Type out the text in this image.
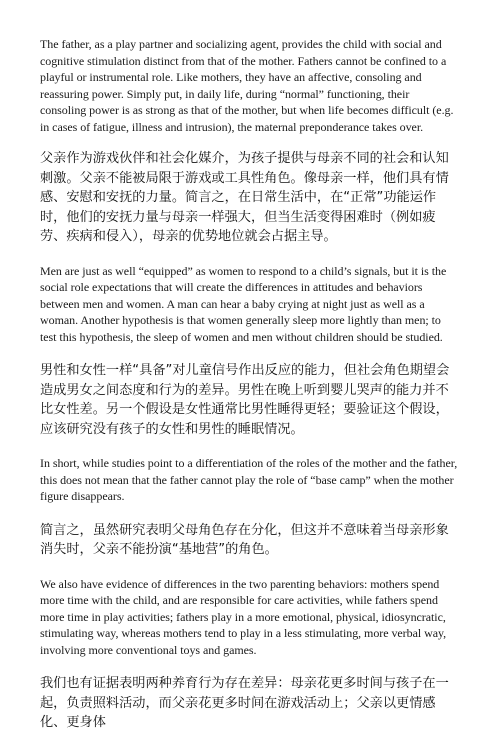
The father, as a play partner and socializing agent, provides the child with social and cognitive stimulation distinct from that of the mother. Fathers cannot be confined to a playful or instrumental role. Like mothers, they have an affective, consoling and reassuring power. Simply put, in daily life, during “normal” functioning, their consoling power is as strong as that of the mother, but when life becomes difficult (e.g. in cases of fatigue, illness and intrusion), the maternal preponderance takes over.

父亲作为游戏伙伴和社会化媒介，为孩子提供与母亲不同的社会和认知刺激。父亲不能被局限于游戏或工具性角色。像母亲一样，他们具有情感、安慰和安抚的力量。简言之，在日常生活中，在“正常”功能运作时，他们的安抚力量与母亲一样强大，但当生活变得困难时（例如疲劳、疾病和侵入），母亲的优势地位就会占据主导。

Men are just as well “equipped” as women to respond to a child’s signals, but it is the social role expectations that will create the differences in attitudes and behaviors between men and women. A man can hear a baby crying at night just as well as a woman. Another hypothesis is that women generally sleep more lightly than men; to test this hypothesis, the sleep of women and men without children should be studied.

男性和女性一样“具备”对儿童信号作出反应的能力，但社会角色期望会造成男女之间态度和行为的差异。男性在晚上听到婴儿哭声的能力并不比女性差。另一个假设是女性通常比男性睡得更轻；要验证这个假设，应该研究没有孩子的女性和男性的睡眠情况。

In short, while studies point to a differentiation of the roles of the mother and the father, this does not mean that the father cannot play the role of “base camp” when the mother figure disappears.

简言之，虽然研究表明父母角色存在分化，但这并不意味着当母亲形象消失时，父亲不能扮演“基地营”的角色。

We also have evidence of differences in the two parenting behaviors: mothers spend more time with the child, and are responsible for care activities, while fathers spend more time in play activities; fathers play in a more emotional, physical, idiosyncratic, stimulating way, whereas mothers tend to play in a less stimulating, more verbal way, involving more conventional toys and games.

我们也有证据表明两种养育行为存在差异：母亲花更多时间与孩子在一起，负责照料活动，而父亲花更多时间在游戏活动上；父亲以更情感化、更身体
